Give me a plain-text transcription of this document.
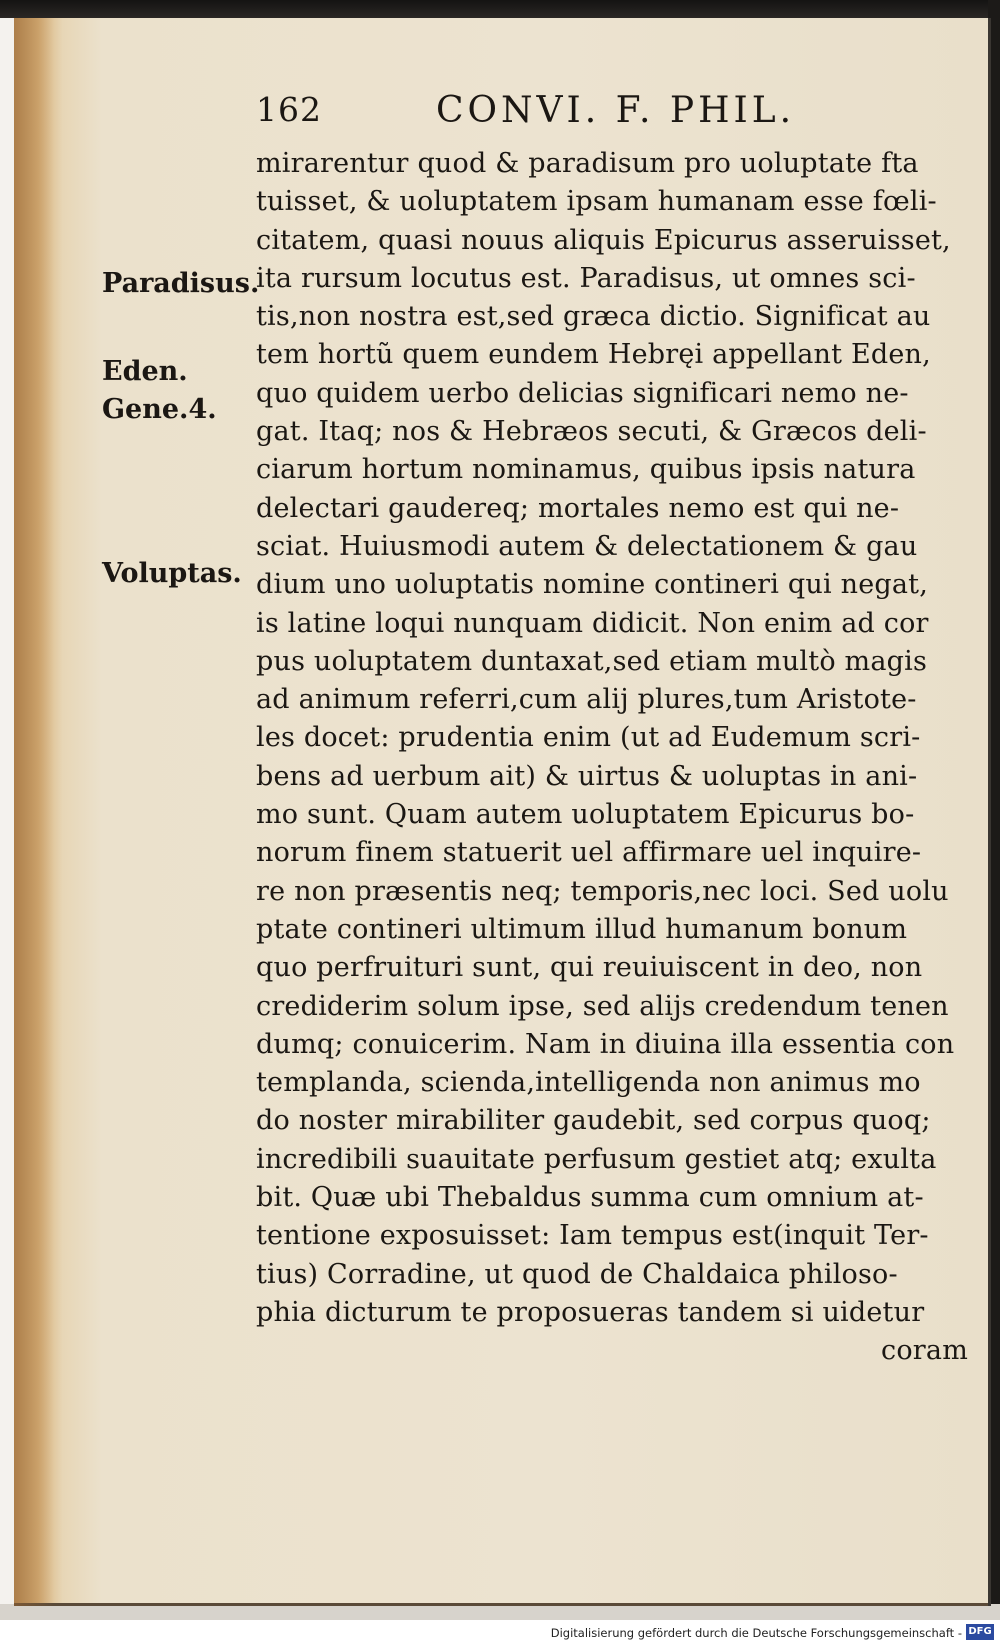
162	CONVI. F. PHIL.
Paradisus.
Eden.
Gene.4.
Voluptas.
mirarentur quod & paradisum pro uoluptate fta
tuisset, & uoluptatem ipsam humanam esse fœli-
citatem, quasi nouus aliquis Epicurus asseruisset,
ita rursum locutus est. Paradisus, ut omnes sci-
tis,non nostra est,sed græca dictio. Significat au
tem hortũ quem eundem Hebręi appellant Eden,
quo quidem uerbo delicias significari nemo ne-
gat. Itaq; nos & Hebræos secuti, & Græcos deli-
ciarum hortum nominamus, quibus ipsis natura
delectari gaudereq; mortales nemo est qui ne-
sciat. Huiusmodi autem & delectationem & gau
dium uno uoluptatis nomine contineri qui negat,
is latine loqui nunquam didicit. Non enim ad cor
pus uoluptatem duntaxat,sed etiam multò magis
ad animum referri,cum alij plures,tum Aristote-
les docet: prudentia enim (ut ad Eudemum scri-
bens ad uerbum ait) & uirtus & uoluptas in ani-
mo sunt. Quam autem uoluptatem Epicurus bo-
norum finem statuerit uel affirmare uel inquire-
re non præsentis neq; temporis,nec loci. Sed uolu
ptate contineri ultimum illud humanum bonum
quo perfruituri sunt, qui reuiuiscent in deo, non
crediderim solum ipse, sed alijs credendum tenen
dumq; conuicerim. Nam in diuina illa essentia con
templanda, scienda,intelligenda non animus mo
do noster mirabiliter gaudebit, sed corpus quoq;
incredibili suauitate perfusum gestiet atq; exulta
bit. Quæ ubi Thebaldus summa cum omnium at-
tentione exposuisset: Iam tempus est(inquit Ter-
tius) Corradine, ut quod de Chaldaica philoso-
phia dicturum te proposueras tandem si uidetur
coram
Digitalisierung gefördert durch die Deutsche Forschungsgemeinschaft - DFG
